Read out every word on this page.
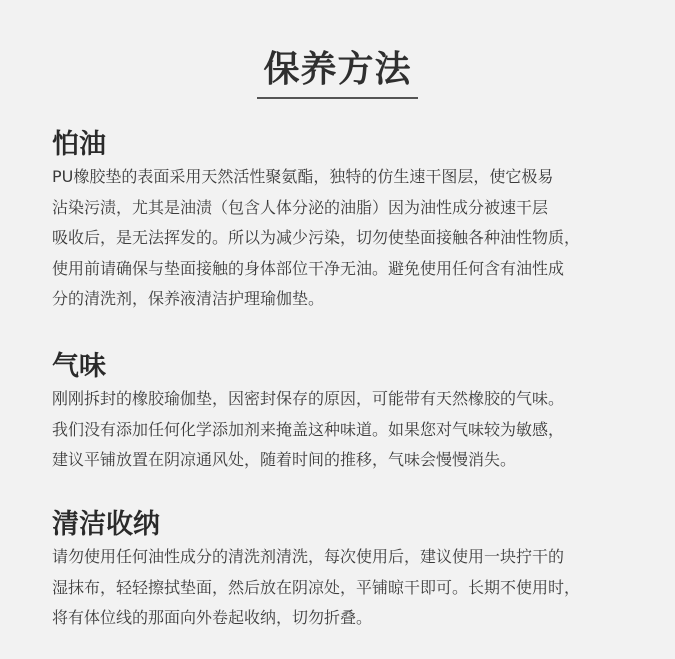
保养方法
怕油
PU橡胶垫的表面采用天然活性聚氨酯，独特的仿生速干图层，使它极易
沾染污渍，尤其是油渍（包含人体分泌的油脂）因为油性成分被速干层
吸收后，是无法挥发的。所以为减少污染，切勿使垫面接触各种油性物质，
使用前请确保与垫面接触的身体部位干净无油。避免使用任何含有油性成
分的清洗剂，保养液清洁护理瑜伽垫。
气味
刚刚拆封的橡胶瑜伽垫，因密封保存的原因，可能带有天然橡胶的气味。
我们没有添加任何化学添加剂来掩盖这种味道。如果您对气味较为敏感，
建议平铺放置在阴凉通风处，随着时间的推移，气味会慢慢消失。
清洁收纳
请勿使用任何油性成分的清洗剂清洗，每次使用后，建议使用一块拧干的
湿抹布，轻轻擦拭垫面，然后放在阴凉处，平铺晾干即可。长期不使用时，
将有体位线的那面向外卷起收纳，切勿折叠。
